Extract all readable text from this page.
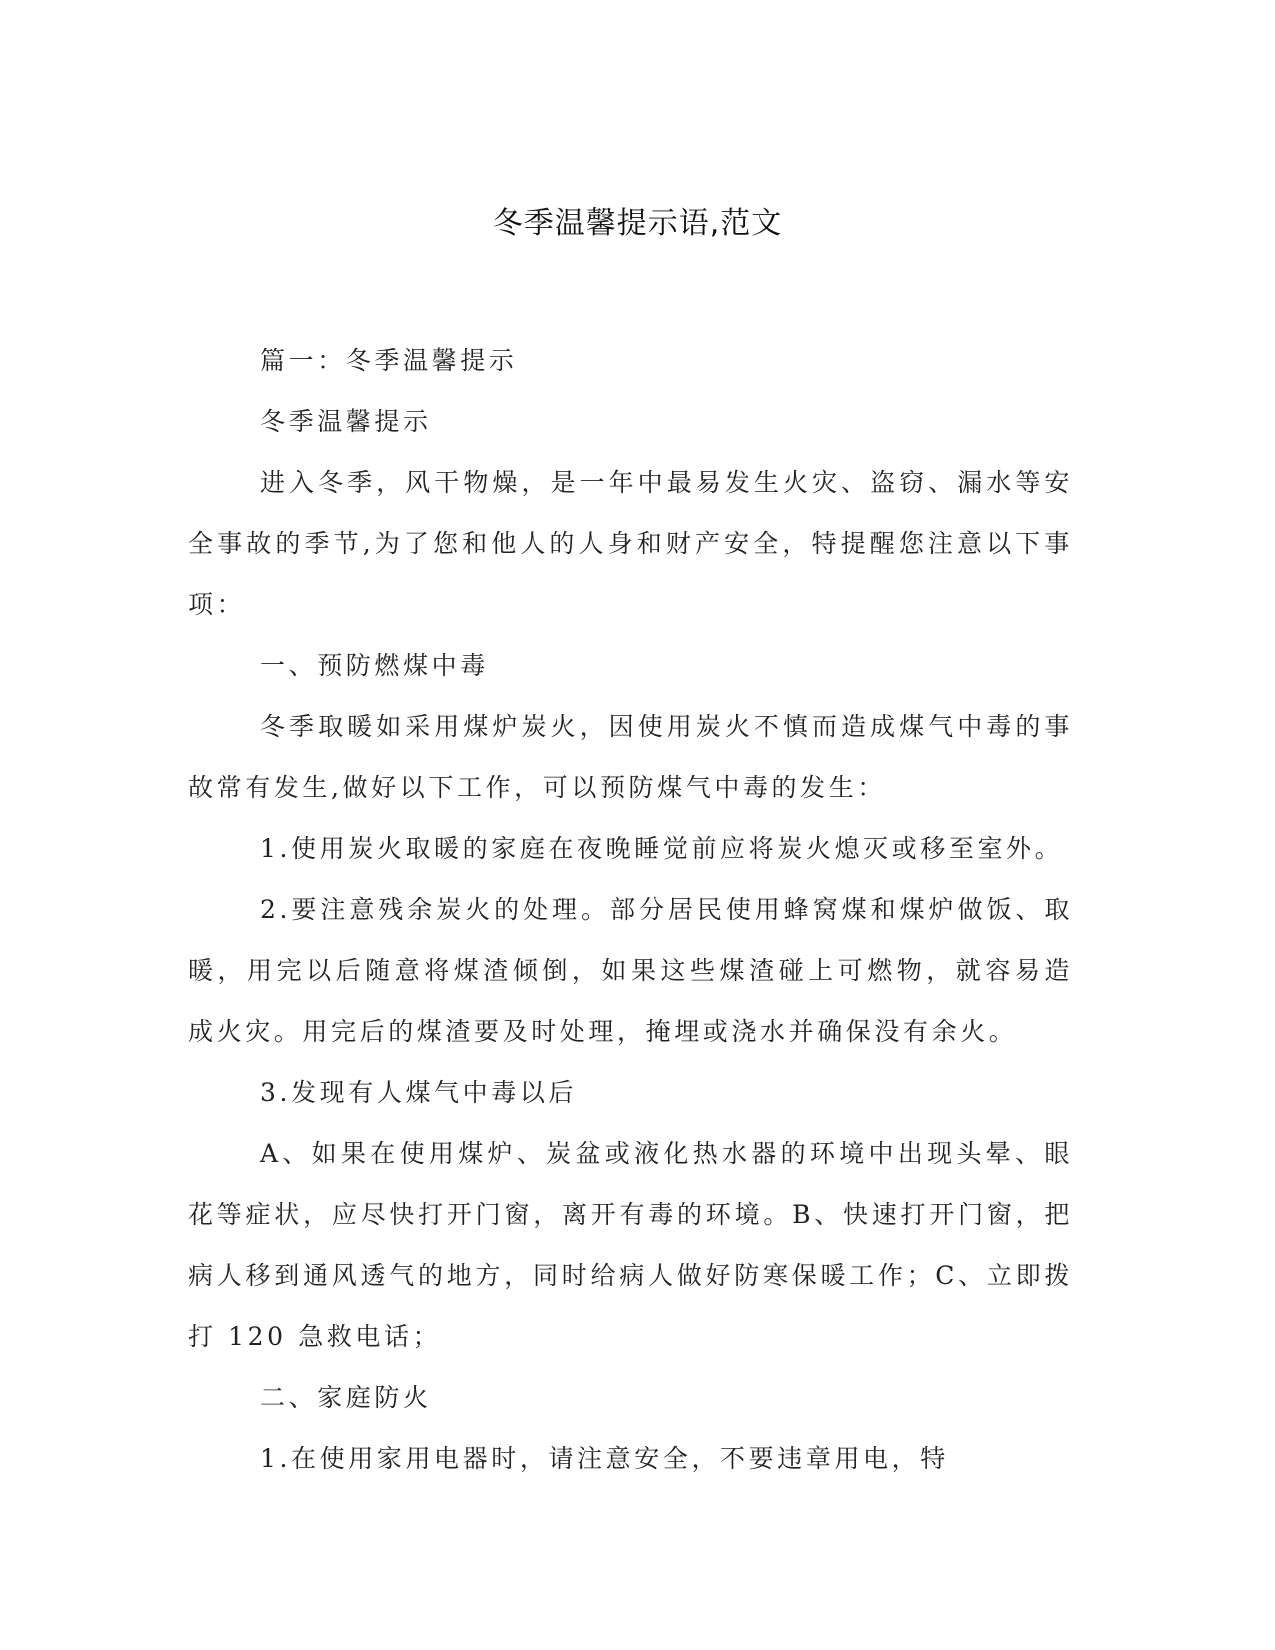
冬季温馨提示语,范文

篇一：冬季温馨提示

冬季温馨提示

进入冬季，风干物燥，是一年中最易发生火灾、盗窃、漏水等安全事故的季节,为了您和他人的人身和财产安全，特提醒您注意以下事项：

一、预防燃煤中毒

冬季取暖如采用煤炉炭火，因使用炭火不慎而造成煤气中毒的事故常有发生,做好以下工作，可以预防煤气中毒的发生：

1.使用炭火取暖的家庭在夜晚睡觉前应将炭火熄灭或移至室外。

2.要注意残余炭火的处理。部分居民使用蜂窝煤和煤炉做饭、取暖，用完以后随意将煤渣倾倒，如果这些煤渣碰上可燃物，就容易造成火灾。用完后的煤渣要及时处理，掩埋或浇水并确保没有余火。

3.发现有人煤气中毒以后

A、如果在使用煤炉、炭盆或液化热水器的环境中出现头晕、眼花等症状，应尽快打开门窗，离开有毒的环境。B、快速打开门窗，把病人移到通风透气的地方，同时给病人做好防寒保暖工作；C、立即拨打 120 急救电话；

二、家庭防火

1.在使用家用电器时，请注意安全，不要违章用电，特
